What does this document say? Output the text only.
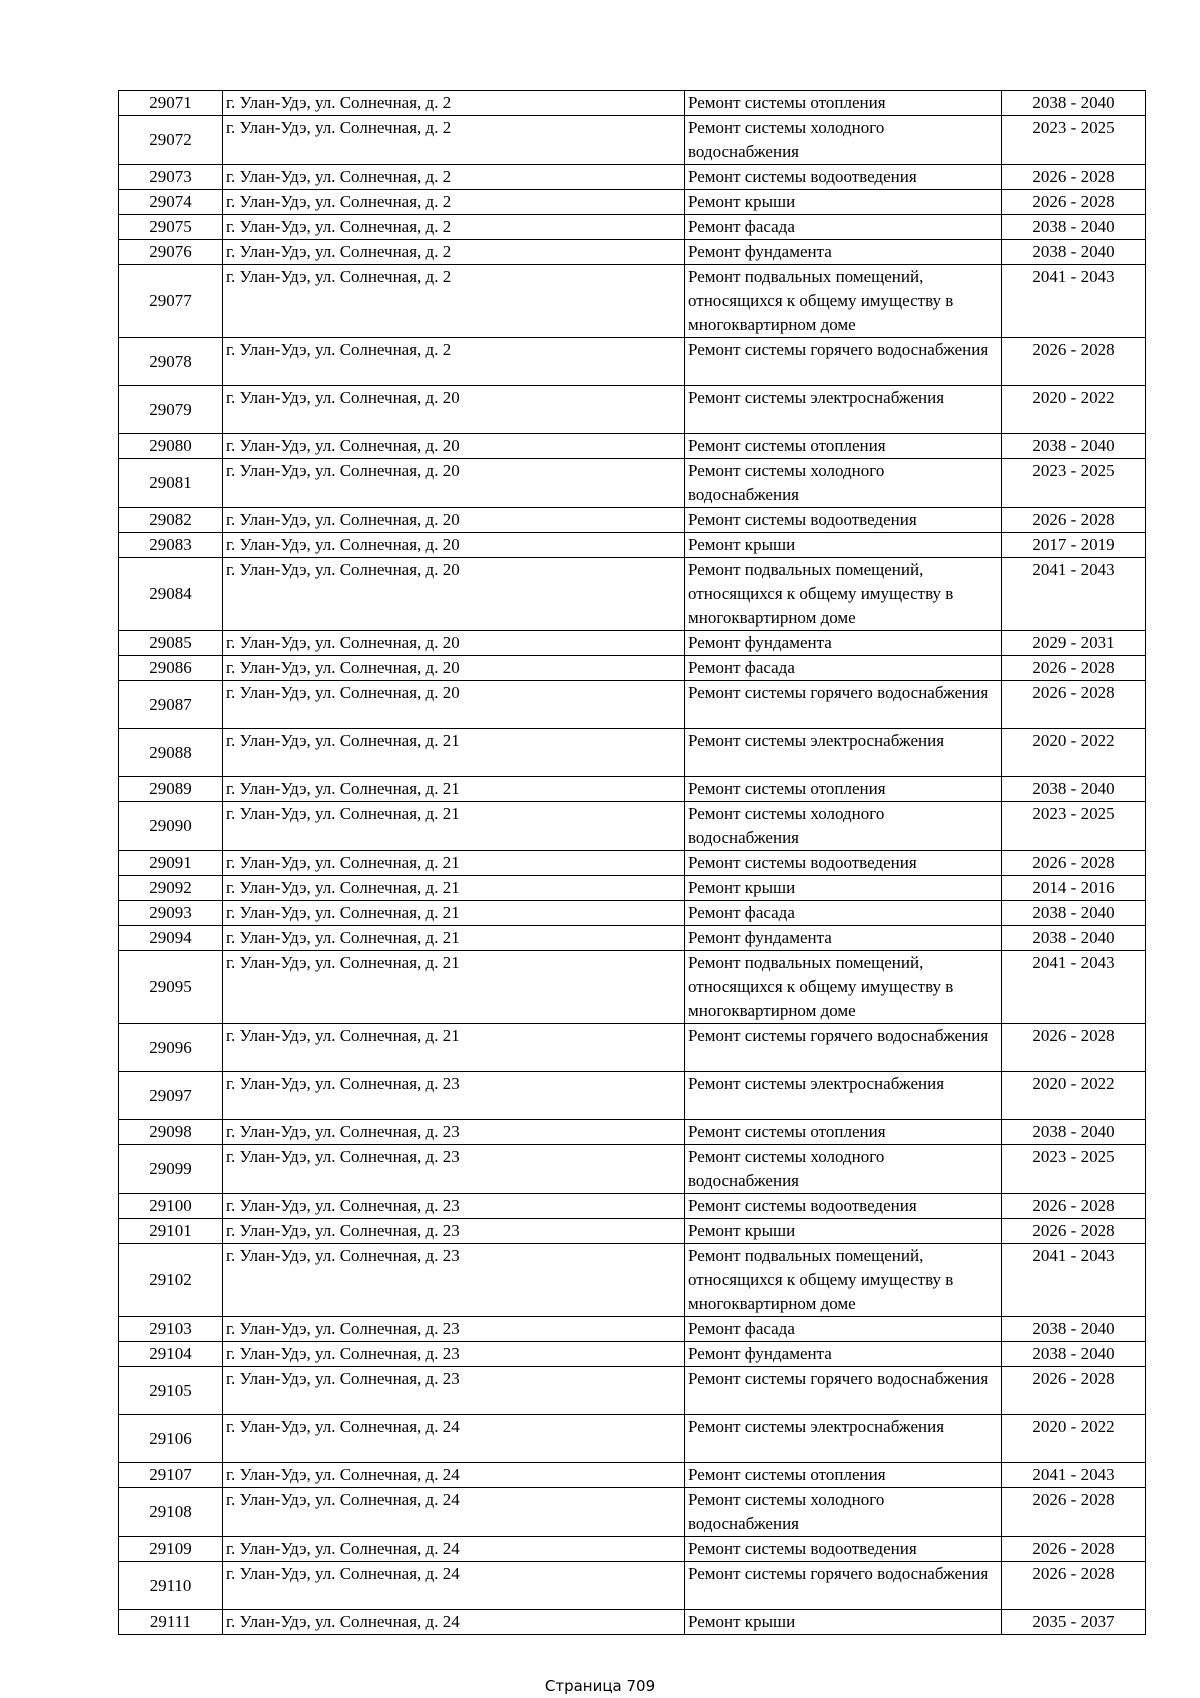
29071	г. Улан-Удэ, ул. Солнечная, д. 2	Ремонт системы отопления	2038 - 2040
29072	г. Улан-Удэ, ул. Солнечная, д. 2	Ремонт системы холодного водоснабжения	2023 - 2025
29073	г. Улан-Удэ, ул. Солнечная, д. 2	Ремонт системы водоотведения	2026 - 2028
29074	г. Улан-Удэ, ул. Солнечная, д. 2	Ремонт крыши	2026 - 2028
29075	г. Улан-Удэ, ул. Солнечная, д. 2	Ремонт фасада	2038 - 2040
29076	г. Улан-Удэ, ул. Солнечная, д. 2	Ремонт фундамента	2038 - 2040
29077	г. Улан-Удэ, ул. Солнечная, д. 2	Ремонт подвальных помещений, относящихся к общему имуществу в многоквартирном доме	2041 - 2043
29078	г. Улан-Удэ, ул. Солнечная, д. 2	Ремонт системы горячего водоснабжения	2026 - 2028
29079	г. Улан-Удэ, ул. Солнечная, д. 20	Ремонт системы электроснабжения	2020 - 2022
29080	г. Улан-Удэ, ул. Солнечная, д. 20	Ремонт системы отопления	2038 - 2040
29081	г. Улан-Удэ, ул. Солнечная, д. 20	Ремонт системы холодного водоснабжения	2023 - 2025
29082	г. Улан-Удэ, ул. Солнечная, д. 20	Ремонт системы водоотведения	2026 - 2028
29083	г. Улан-Удэ, ул. Солнечная, д. 20	Ремонт крыши	2017 - 2019
29084	г. Улан-Удэ, ул. Солнечная, д. 20	Ремонт подвальных помещений, относящихся к общему имуществу в многоквартирном доме	2041 - 2043
29085	г. Улан-Удэ, ул. Солнечная, д. 20	Ремонт фундамента	2029 - 2031
29086	г. Улан-Удэ, ул. Солнечная, д. 20	Ремонт фасада	2026 - 2028
29087	г. Улан-Удэ, ул. Солнечная, д. 20	Ремонт системы горячего водоснабжения	2026 - 2028
29088	г. Улан-Удэ, ул. Солнечная, д. 21	Ремонт системы электроснабжения	2020 - 2022
29089	г. Улан-Удэ, ул. Солнечная, д. 21	Ремонт системы отопления	2038 - 2040
29090	г. Улан-Удэ, ул. Солнечная, д. 21	Ремонт системы холодного водоснабжения	2023 - 2025
29091	г. Улан-Удэ, ул. Солнечная, д. 21	Ремонт системы водоотведения	2026 - 2028
29092	г. Улан-Удэ, ул. Солнечная, д. 21	Ремонт крыши	2014 - 2016
29093	г. Улан-Удэ, ул. Солнечная, д. 21	Ремонт фасада	2038 - 2040
29094	г. Улан-Удэ, ул. Солнечная, д. 21	Ремонт фундамента	2038 - 2040
29095	г. Улан-Удэ, ул. Солнечная, д. 21	Ремонт подвальных помещений, относящихся к общему имуществу в многоквартирном доме	2041 - 2043
29096	г. Улан-Удэ, ул. Солнечная, д. 21	Ремонт системы горячего водоснабжения	2026 - 2028
29097	г. Улан-Удэ, ул. Солнечная, д. 23	Ремонт системы электроснабжения	2020 - 2022
29098	г. Улан-Удэ, ул. Солнечная, д. 23	Ремонт системы отопления	2038 - 2040
29099	г. Улан-Удэ, ул. Солнечная, д. 23	Ремонт системы холодного водоснабжения	2023 - 2025
29100	г. Улан-Удэ, ул. Солнечная, д. 23	Ремонт системы водоотведения	2026 - 2028
29101	г. Улан-Удэ, ул. Солнечная, д. 23	Ремонт крыши	2026 - 2028
29102	г. Улан-Удэ, ул. Солнечная, д. 23	Ремонт подвальных помещений, относящихся к общему имуществу в многоквартирном доме	2041 - 2043
29103	г. Улан-Удэ, ул. Солнечная, д. 23	Ремонт фасада	2038 - 2040
29104	г. Улан-Удэ, ул. Солнечная, д. 23	Ремонт фундамента	2038 - 2040
29105	г. Улан-Удэ, ул. Солнечная, д. 23	Ремонт системы горячего водоснабжения	2026 - 2028
29106	г. Улан-Удэ, ул. Солнечная, д. 24	Ремонт системы электроснабжения	2020 - 2022
29107	г. Улан-Удэ, ул. Солнечная, д. 24	Ремонт системы отопления	2041 - 2043
29108	г. Улан-Удэ, ул. Солнечная, д. 24	Ремонт системы холодного водоснабжения	2026 - 2028
29109	г. Улан-Удэ, ул. Солнечная, д. 24	Ремонт системы водоотведения	2026 - 2028
29110	г. Улан-Удэ, ул. Солнечная, д. 24	Ремонт системы горячего водоснабжения	2026 - 2028
29111	г. Улан-Удэ, ул. Солнечная, д. 24	Ремонт крыши	2035 - 2037
Страница 709
